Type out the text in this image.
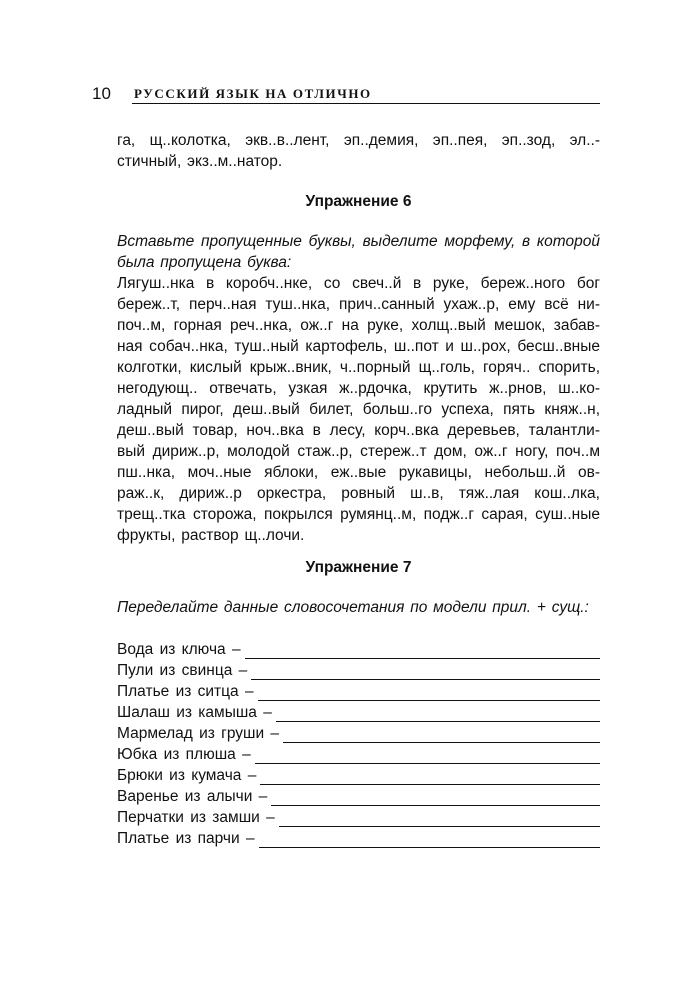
10 РУССКИЙ ЯЗЫК НА ОТЛИЧНО

га, щ..колотка, экв..в..лент, эп..демия, эп..пея, эп..зод, эл..-стичный, экз..м..натор.

Упражнение 6

Вставьте пропущенные буквы, выделите морфему, в которой была пропущена буква:

Лягуш..нка в коробч..нке, со свеч..й в руке, береж..ного бог береж..т, перч..ная туш..нка, прич..санный ухаж..р, ему всё ни-поч..м, горная реч..нка, ож..г на руке, холщ..вый мешок, забав-ная собач..нка, туш..ный картофель, ш..пот и ш..рох, бесш..вные колготки, кислый крыж..вник, ч..порный щ..голь, горяч.. спорить, негодующ.. отвечать, узкая ж..рдочка, крутить ж..рнов, ш..ко-ладный пирог, деш..вый билет, больш..го успеха, пять княж..н, деш..вый товар, ноч..вка в лесу, корч..вка деревьев, талантли-вый дириж..р, молодой стаж..р, стереж..т дом, ож..г ногу, поч..м пш..нка, моч..ные яблоки, еж..вые рукавицы, небольш..й ов-раж..к, дириж..р оркестра, ровный ш..в, тяж..лая кош..лка, трещ..тка сторожа, покрылся румянц..м, подж..г сарая, суш..ные фрукты, раствор щ..лочи.

Упражнение 7

Переделайте данные словосочетания по модели прил. + сущ.:

Вода из ключа –
Пули из свинца –
Платье из ситца –
Шалаш из камыша –
Мармелад из груши –
Юбка из плюша –
Брюки из кумача –
Варенье из алычи –
Перчатки из замши –
Платье из парчи –
